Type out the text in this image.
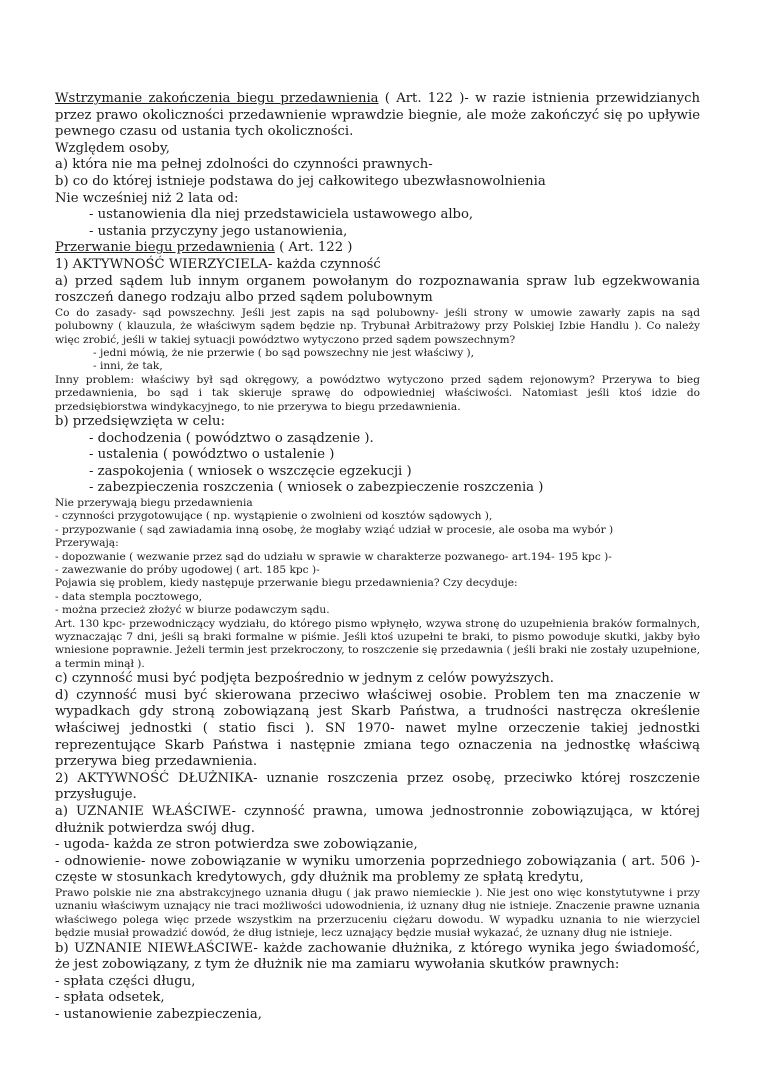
Wstrzymanie zakończenia biegu przedawnienia ( Art. 122 )- w razie istnienia przewidzianych przez prawo okoliczności przedawnienie wprawdzie biegnie, ale może zakończyć się po upływie pewnego czasu od ustania tych okoliczności.

Względem osoby,

a) która nie ma pełnej zdolności do czynności prawnych-

b) co do której istnieje podstawa do jej całkowitego ubezwłasnowolnienia

Nie wcześniej niż 2 lata od:

- ustanowienia dla niej przedstawiciela ustawowego albo,

- ustania przyczyny jego ustanowienia,

Przerwanie biegu przedawnienia ( Art. 122 )

1) AKTYWNOŚĆ WIERZYCIELA- każda czynność

a) przed sądem lub innym organem powołanym do rozpoznawania spraw lub egzekwowania roszczeń danego rodzaju albo przed sądem polubownym

Co do zasady- sąd powszechny. Jeśli jest zapis na sąd polubowny- jeśli strony w umowie zawarły zapis na sąd polubowny ( klauzula, że właściwym sądem będzie np. Trybunał Arbitrażowy przy Polskiej Izbie Handlu ). Co należy więc zrobić, jeśli w takiej sytuacji powództwo wytyczono przed sądem powszechnym?

- jedni mówią, że nie przerwie ( bo sąd powszechny nie jest właściwy ),

- inni, że tak,

Inny problem: właściwy był sąd okręgowy, a powództwo wytyczono przed sądem rejonowym? Przerywa to bieg przedawnienia, bo sąd i tak skieruje sprawę do odpowiedniej właściwości. Natomiast jeśli ktoś idzie do przedsiębiorstwa windykacyjnego, to nie przerywa to biegu przedawnienia.

b) przedsięwzięta w celu:

- dochodzenia ( powództwo o zasądzenie ).

- ustalenia ( powództwo o ustalenie )

- zaspokojenia ( wniosek o wszczęcie egzekucji )

- zabezpieczenia roszczenia ( wniosek o zabezpieczenie roszczenia )

Nie przerywają biegu przedawnienia

- czynności przygotowujące ( np. wystąpienie o zwolnieni od kosztów sądowych ),

- przypozwanie ( sąd zawiadamia inną osobę, że mogłaby wziąć udział w procesie, ale osoba ma wybór )

Przerywają:

- dopozwanie ( wezwanie przez sąd do udziału w sprawie w charakterze pozwanego- art.194- 195 kpc )-

- zawezwanie do próby ugodowej ( art. 185 kpc )-

Pojawia się problem, kiedy następuje przerwanie biegu przedawnienia? Czy decyduje:

- data stempla pocztowego,

- można przecież złożyć w biurze podawczym sądu.

Art. 130 kpc- przewodniczący wydziału, do którego pismo wpłynęło, wzywa stronę do uzupełnienia braków formalnych, wyznaczając 7 dni, jeśli są braki formalne w piśmie. Jeśli ktoś uzupełni te braki, to pismo powoduje skutki, jakby było wniesione poprawnie. Jeżeli termin jest przekroczony, to roszczenie się przedawnia ( jeśli braki nie zostały uzupełnione, a termin minął ).

c) czynność musi być podjęta bezpośrednio w jednym z celów powyższych.

d) czynność musi być skierowana przeciwo właściwej osobie. Problem ten ma znaczenie w wypadkach gdy stroną zobowiązaną jest Skarb Państwa, a trudności nastręcza określenie właściwej jednostki ( statio fisci ). SN 1970- nawet mylne orzeczenie takiej jednostki reprezentujące Skarb Państwa i następnie zmiana tego oznaczenia na jednostkę właściwą przerywa bieg przedawnienia.

2) AKTYWNOŚĆ DŁUŻNIKA- uznanie roszczenia przez osobę, przeciwko której roszczenie przysługuje.

a) UZNANIE WŁAŚCIWE- czynność prawna, umowa jednostronnie zobowiązująca, w której dłużnik potwierdza swój dług.

- ugoda- każda ze stron potwierdza swe zobowiązanie,

- odnowienie- nowe zobowiązanie w wyniku umorzenia poprzedniego zobowiązania ( art. 506 )- częste w stosunkach kredytowych, gdy dłużnik ma problemy ze spłatą kredytu,

Prawo polskie nie zna abstrakcyjnego uznania długu ( jak prawo niemieckie ). Nie jest ono więc konstytutywne i przy uznaniu właściwym uznający nie traci możliwości udowodnienia, iż uznany dług nie istnieje. Znaczenie prawne uznania właściwego polega więc przede wszystkim na przerzuceniu ciężaru dowodu. W wypadku uznania to nie wierzyciel będzie musiał prowadzić dowód, że dług istnieje, lecz uznający będzie musiał wykazać, że uznany dług nie istnieje.

b) UZNANIE NIEWŁAŚCIWE- każde zachowanie dłużnika, z którego wynika jego świadomość, że jest zobowiązany, z tym że dłużnik nie ma zamiaru wywołania skutków prawnych:

- spłata części długu,

- spłata odsetek,

- ustanowienie zabezpieczenia,
